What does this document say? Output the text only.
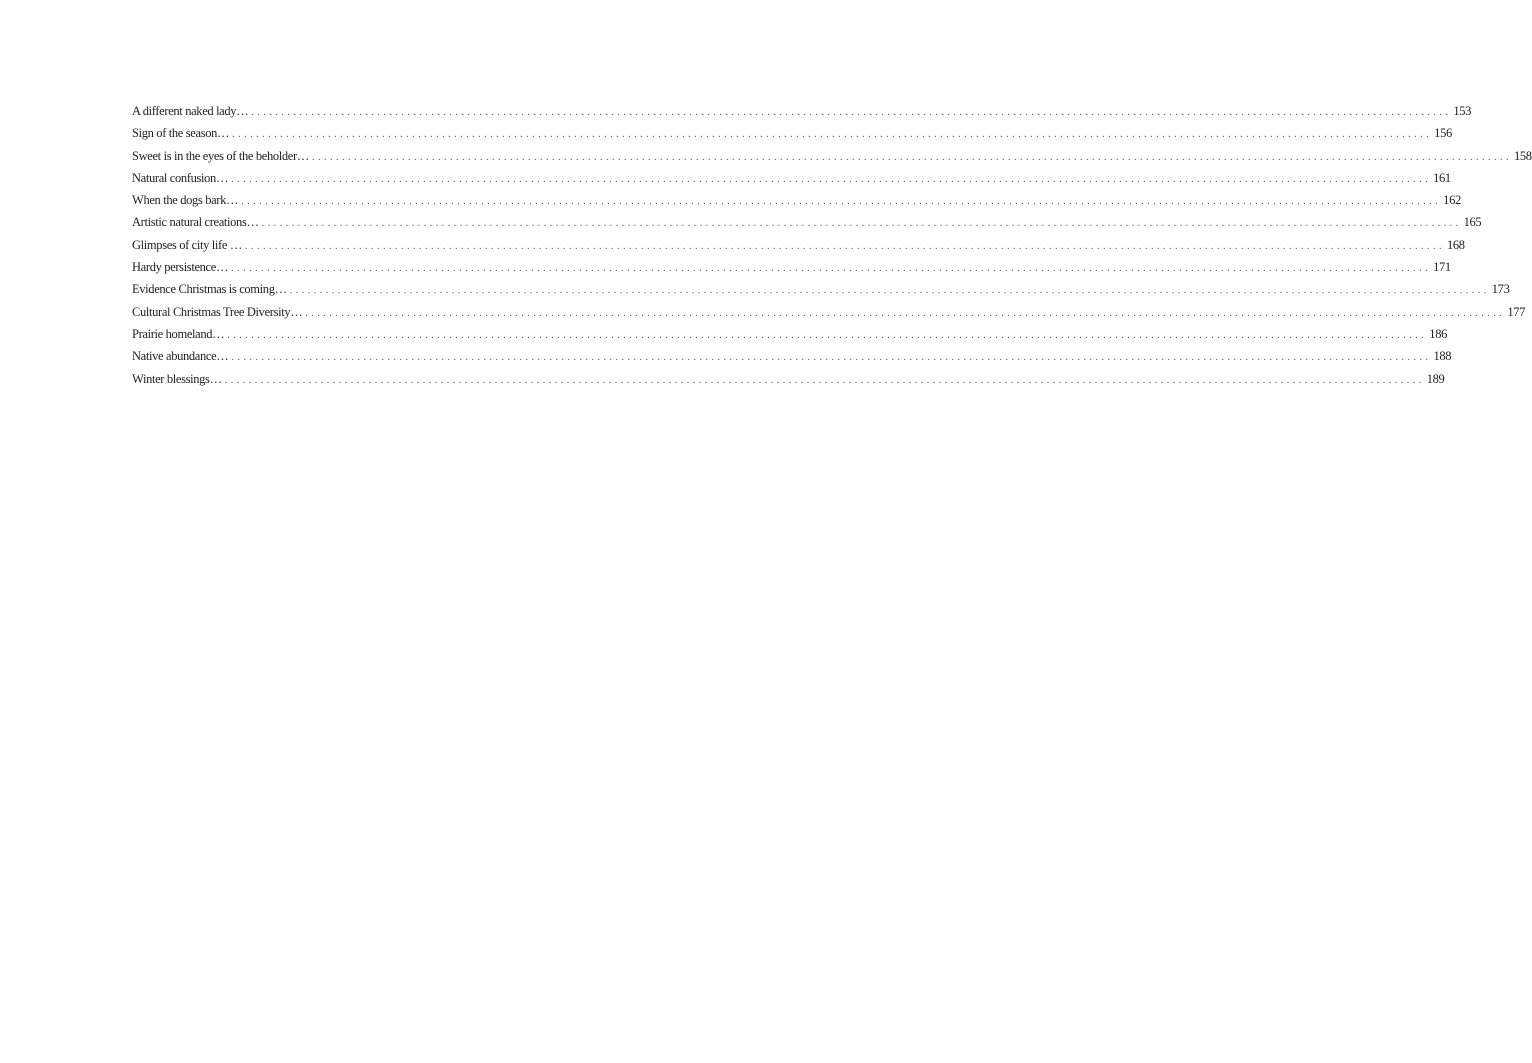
A different naked lady… ........................................................................................................................................................................................................ 153
Sign of the season… ........................................................................................................................................................................................................ 156
Sweet is in the eyes of the beholder… ........................................................................................................................................................................................................ 158
Natural confusion… ........................................................................................................................................................................................................ 161
When the dogs bark… ........................................................................................................................................................................................................ 162
Artistic natural creations… ........................................................................................................................................................................................................ 165
Glimpses of city life … ........................................................................................................................................................................................................ 168
Hardy persistence… ........................................................................................................................................................................................................ 171
Evidence Christmas is coming… ........................................................................................................................................................................................................ 173
Cultural Christmas Tree Diversity… ........................................................................................................................................................................................................ 177
Prairie homeland… ........................................................................................................................................................................................................ 186
Native abundance… ........................................................................................................................................................................................................ 188
Winter blessings… ........................................................................................................................................................................................................ 189
